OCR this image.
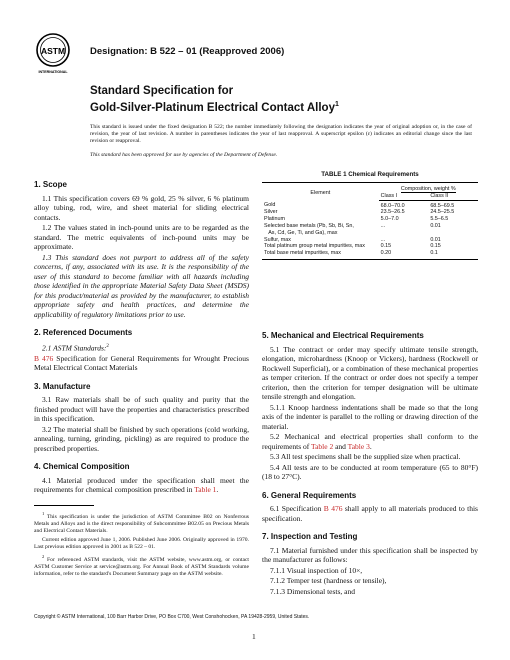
ASTM
INTERNATIONAL
Designation: B 522 – 01 (Reapproved 2006)
Standard Specification for
Gold-Silver-Platinum Electrical Contact Alloy$^1$
This standard is issued under the fixed designation B 522; the number immediately following the designation indicates the year of original adoption or, in the case of revision, the year of last revision. A number in parentheses indicates the year of last reapproval. A superscript epsilon (ε) indicates an editorial change since the last revision or reapproval.
This standard has been approved for use by agencies of the Department of Defense.
1. Scope

1.1 This specification covers 69 % gold, 25 % silver, 6 % platinum alloy tubing, rod, wire, and sheet material for sliding electrical contacts.

1.2 The values stated in inch-pound units are to be regarded as the standard. The metric equivalents of inch-pound units may be approximate.

1.3 This standard does not purport to address all of the safety concerns, if any, associated with its use. It is the responsibility of the user of this standard to become familiar with all hazards including those identified in the appropriate Material Safety Data Sheet (MSDS) for this product/material as provided by the manufacturer, to establish appropriate safety and health practices, and determine the applicability of regulatory limitations prior to use.

2. Referenced Documents

2.1 ASTM Standards:$^2$

B 476 Specification for General Requirements for Wrought Precious Metal Electrical Contact Materials

3. Manufacture

3.1 Raw materials shall be of such quality and purity that the finished product will have the properties and characteristics prescribed in this specification.

3.2 The material shall be finished by such operations (cold working, annealing, turning, grinding, pickling) as are required to produce the prescribed properties.

4. Chemical Composition

4.1 Material produced under the specification shall meet the requirements for chemical composition prescribed in Table 1.

TABLE 1 Chemical Requirements
Element	Composition, weight %	
	Class I	Class II
Gold	68.0–70.0	68.5–69.5
Silver	23.5–26.5	24.5–25.5
Platinum	5.0–7.0	5.5–6.5
Selected base metals (Pb, Sb, Bi, Sn,	...	0.01
As, Cd, Ge, Ti, and Ga), max		
Sulfur, max	...	0.01
Total platinum group metal impurities, max	0.15	0.15
Total base metal impurities, max	0.20	0.1
5. Mechanical and Electrical Requirements

5.1 The contract or order may specify ultimate tensile strength, elongation, microhardness (Knoop or Vickers), hardness (Rockwell or Rockwell Superficial), or a combination of these mechanical properties as temper criterion. If the contract or order does not specify a temper criterion, then the criterion for temper designation will be ultimate tensile strength and elongation.

5.1.1 Knoop hardness indentations shall be made so that the long axis of the indenter is parallel to the rolling or drawing direction of the material.

5.2 Mechanical and electrical properties shall conform to the requirements of Table 2 and Table 3.

5.3 All test specimens shall be the supplied size when practical.

5.4 All tests are to be conducted at room temperature (65 to 80°F) (18 to 27°C).

6. General Requirements

6.1 Specification B 476 shall apply to all materials produced to this specification.

7. Inspection and Testing

7.1 Material furnished under this specification shall be inspected by the manufacturer as follows:

7.1.1 Visual inspection of 10×,

7.1.2 Temper test (hardness or tensile),

7.1.3 Dimensional tests, and

$^1$ This specification is under the jurisdiction of ASTM Committee B02 on Nonferrous Metals and Alloys and is the direct responsibility of Subcommittee B02.05 on Precious Metals and Electrical Contact Materials.

Current edition approved June 1, 2006. Published June 2006. Originally approved in 1970. Last previous edition approved in 2001 as B 522 – 01.

$^2$ For referenced ASTM standards, visit the ASTM website, www.astm.org, or contact ASTM Customer Service at service@astm.org. For Annual Book of ASTM Standards volume information, refer to the standard's Document Summary page on the ASTM website.

Copyright © ASTM International, 100 Barr Harbor Drive, PO Box C700, West Conshohocken, PA 19428-2959, United States.
1
